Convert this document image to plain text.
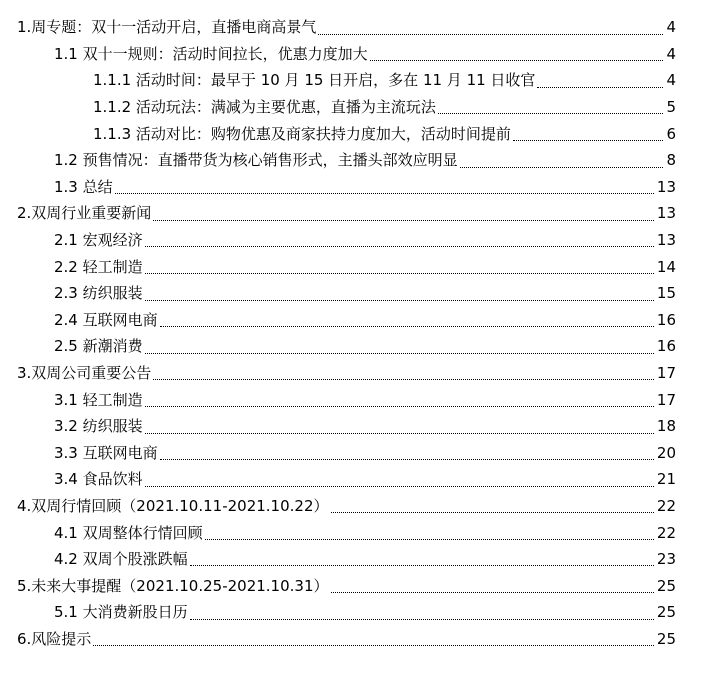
1.周专题：双十一活动开启，直播电商高景气	4
1.1 双十一规则：活动时间拉长，优惠力度加大	4
1.1.1 活动时间：最早于 10 月 15 日开启，多在 11 月 11 日收官	4
1.1.2 活动玩法：满减为主要优惠，直播为主流玩法	5
1.1.3 活动对比：购物优惠及商家扶持力度加大，活动时间提前	6
1.2 预售情况：直播带货为核心销售形式，主播头部效应明显	8
1.3 总结	13
2.双周行业重要新闻	13
2.1 宏观经济	13
2.2 轻工制造	14
2.3 纺织服装	15
2.4 互联网电商	16
2.5 新潮消费	16
3.双周公司重要公告	17
3.1 轻工制造	17
3.2 纺织服装	18
3.3 互联网电商	20
3.4 食品饮料	21
4.双周行情回顾（2021.10.11-2021.10.22）	22
4.1 双周整体行情回顾	22
4.2 双周个股涨跌幅	23
5.未来大事提醒（2021.10.25-2021.10.31）	25
5.1 大消费新股日历	25
6.风险提示	25
